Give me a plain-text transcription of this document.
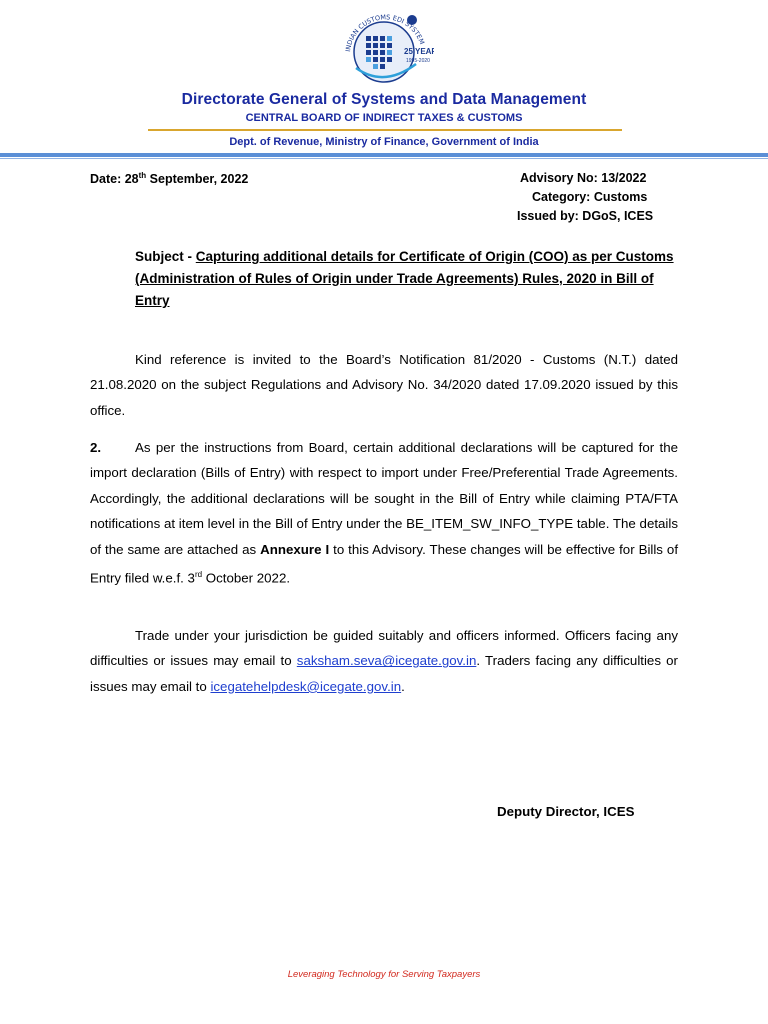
INDIAN CUSTOMS EDI SYSTEM
25 YEA
1995-2020
Directorate General of Systems and Data Management
CENTRAL BOARD OF INDIRECT TAXES & CUSTOMS
Dept. of Revenue, Ministry of Finance, Government of India
Date: 28th September, 2022	Advisory No: 13/2022
Category: Customs
Issued by: DGoS, ICES
Subject - Capturing additional details for Certificate of Origin (COO) as per Customs (Administration of Rules of Origin under Trade Agreements) Rules, 2020 in Bill of Entry
Kind reference is invited to the Board’s Notification 81/2020 - Customs (N.T.) dated 21.08.2020 on the subject Regulations and Advisory No. 34/2020 dated 17.09.2020 issued by this office.
2.	As per the instructions from Board, certain additional declarations will be captured for the import declaration (Bills of Entry) with respect to import under Free/Preferential Trade Agreements. Accordingly, the additional declarations will be sought in the Bill of Entry while claiming PTA/FTA notifications at item level in the Bill of Entry under the BE_ITEM_SW_INFO_TYPE table. The details of the same are attached as Annexure I to this Advisory. These changes will be effective for Bills of Entry filed w.e.f. 3rd October 2022.
Trade under your jurisdiction be guided suitably and officers informed. Officers facing any difficulties or issues may email to saksham.seva@icegate.gov.in. Traders facing any difficulties or issues may email to icegatehelpdesk@icegate.gov.in.
Deputy Director, ICES
Leveraging Technology for Serving Taxpayers
